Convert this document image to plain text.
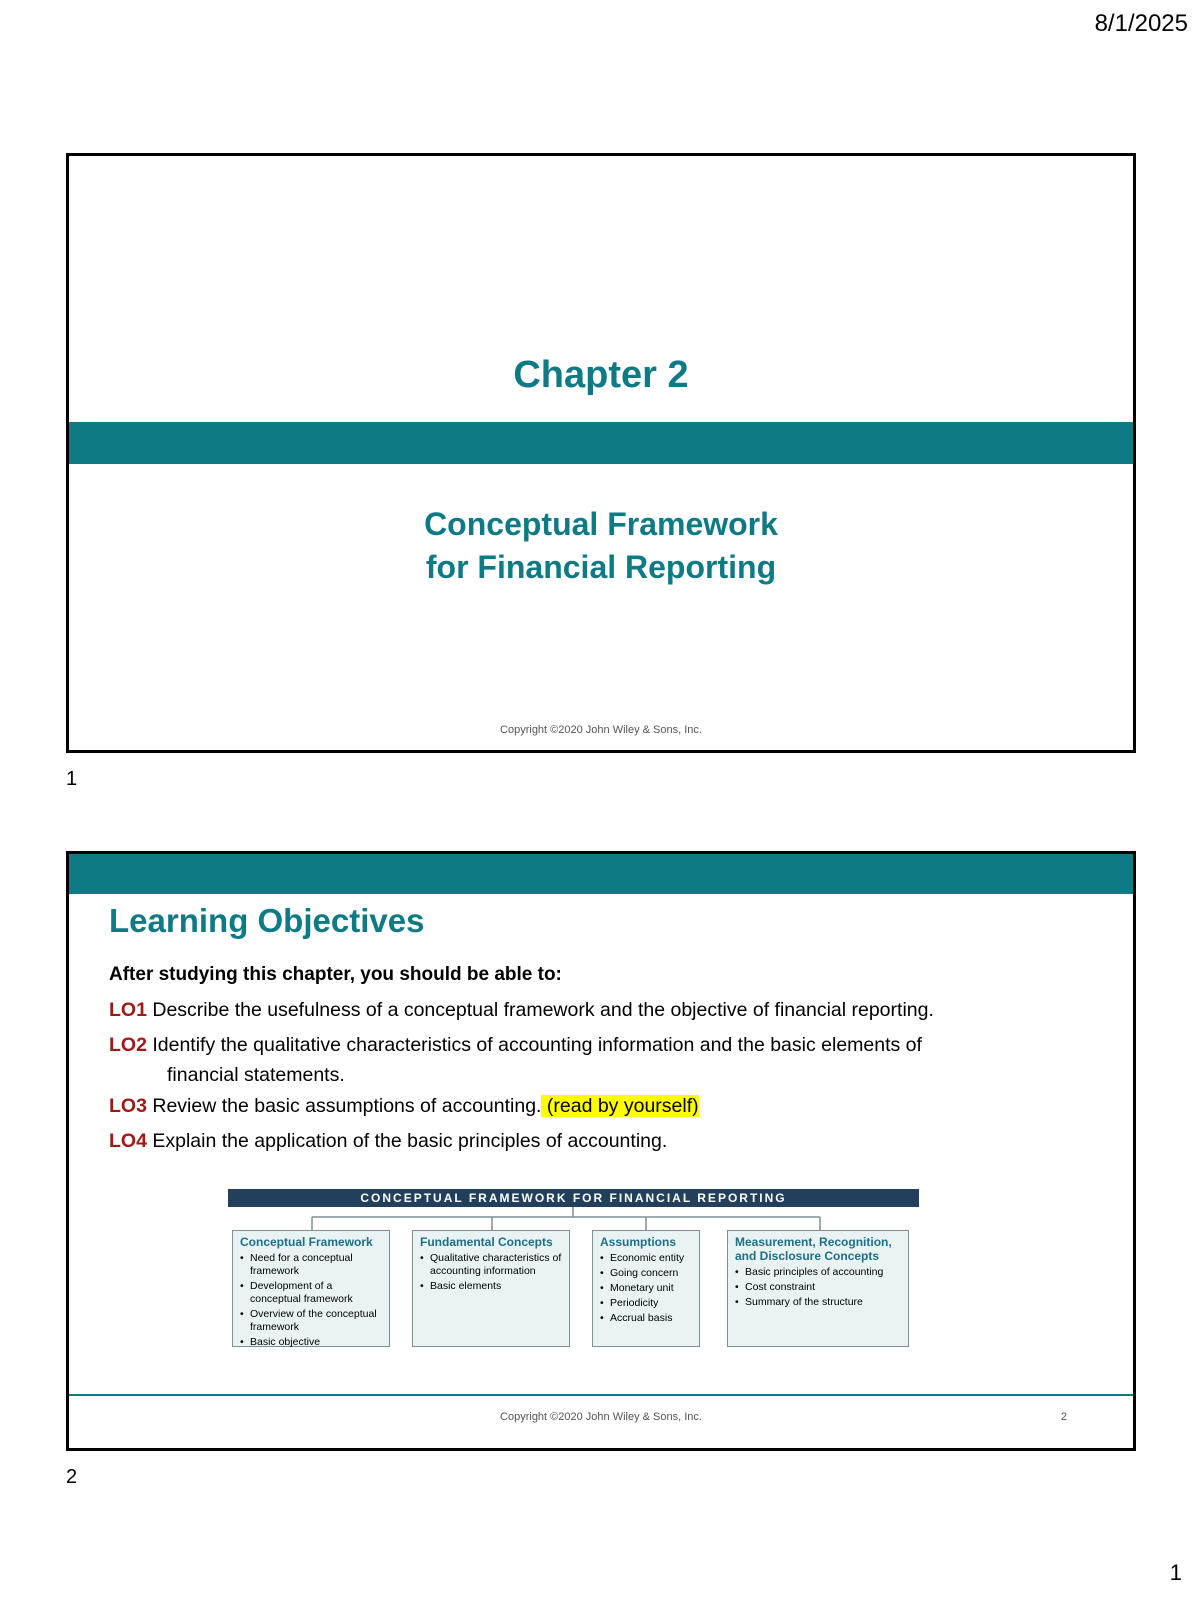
8/1/2025
Chapter 2
Conceptual Framework
for Financial Reporting
Copyright ©2020 John Wiley & Sons, Inc.
1
Learning Objectives
After studying this chapter, you should be able to:
LO1 Describe the usefulness of a conceptual framework and the objective of financial reporting.
LO2 Identify the qualitative characteristics of accounting information and the basic elements of
financial statements.
LO3 Review the basic assumptions of accounting. (read by yourself)
LO4 Explain the application of the basic principles of accounting.
CONCEPTUAL FRAMEWORK FOR FINANCIAL REPORTING
Conceptual Framework
• Need for a conceptual framework
• Development of a conceptual framework
• Overview of the conceptual framework
• Basic objective
Fundamental Concepts
• Qualitative characteristics of accounting information
• Basic elements
Assumptions
• Economic entity
• Going concern
• Monetary unit
• Periodicity
• Accrual basis
Measurement, Recognition, and Disclosure Concepts
• Basic principles of accounting
• Cost constraint
• Summary of the structure
Copyright ©2020 John Wiley & Sons, Inc.	2
2
1
